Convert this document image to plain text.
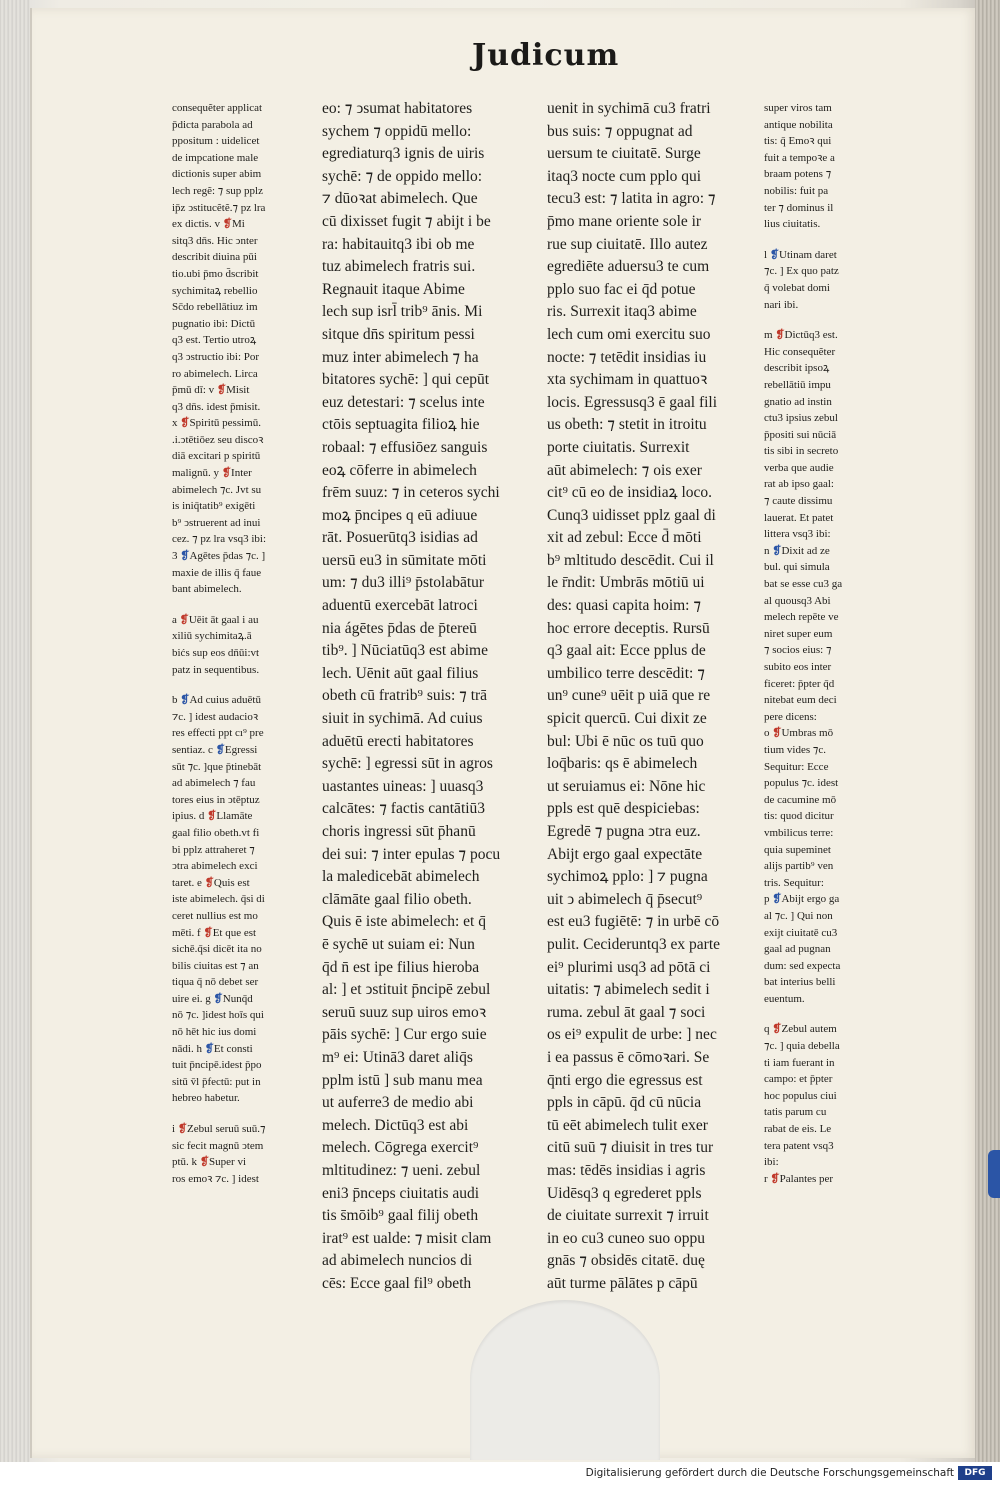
Judicum
consequẽter applicat
p̄dicta parabola ad
ppositum : uidelicet
de impcatione male
dictionis super abim
lech regẽ: ⁊ sup pplz
ip̄z ↄstitucẽtẽ.⁊ pz lra
ex dictis. v ❡Mi
sitq3 dn̄s. Hic ↄnter
describit diuina pūi
tio.ubi p̄mo d̄scribit
sychimitaꝝ rebellio
Sc̄do rebellātiuz im
pugnatio ibi: Dictū
q3 est. Tertio utroꝝ
q3 ↄstructio ibi: Por
ro abimelech. Lirca
p̄mū dī: v ❡Misit
q3 dn̄s. idest p̄misit.
x ❡Spiritū pessimū.
.i.ↄtētiōez seu discoꝛ
diā excitari p spiritū
malignū. y ❡Inter
abimelech ⁊c. Jvt su
is iniq̄tatib⁹ exigēti
b⁹ ↄstruerent ad inui
cez. ⁊ pz lra vsq3 ibi:
3 ❡Agētes p̄das ⁊c. ]
maxie de illis q̄ faue
bant abimelech.
a ❡Uēit āt gaal i au
xiliū sychimitaꝝ.ā
bićs sup eos dn̄ūi:vt
patz in sequentibus.
b ❡Ad cuius aduētū
⁊c. ] idest audacioꝛ
res effecti ppt cı⁹ pre
sentiaz. c ❡Egressi
sūt ⁊c. ]que p̄tinebāt
ad abimelech ⁊ fau
tores eius in ↄtēptuz
ipius. d ❡Llamāte
gaal filio obeth.vt fi
bi pplz attraheret ⁊
ↄtra abimelech exci
taret. e ❡Quis est
iste abimelech. q̄si di
ceret nullius est mo
mēti. f ❡Et que est
sichē.q̄si dicēt ita no
bilis ciuitas est ⁊ an
tiqua q̄ nō debet ser
uire ei. g ❡Nunq̄d
nō ⁊c. ]idest hoīs qui
nō hēt hic ius domi
nādi. h ❡Et consti
tuit p̄ncipē.idest p̄po
sitū v̄l p̄fectū: put in
hebreo habetur.
i ❡Zebul seruū suū.⁊
sic fecit magnū ↄtem
ptū. k ❡Super vi
ros emoꝛ ⁊c. ] idest
eo: ⁊ ↄsumat habitatores
sychem ⁊ oppidū mello:
egrediaturq3 ignis de uiris
sychē: ⁊ de oppido mello:
⁊ dūoꝛat abimelech. Que
cū dixisset fugit ⁊ abijt i be
ra: habitauitq3 ibi ob me
tuz abimelech fratris sui.
Regnauit itaque Abime
lech sup isrl̄ trib⁹ ānis. Mi
sitque dn̄s spiritum pessi
muz inter abimelech ⁊ ha
bitatores sychē: ] qui cepūt
euz detestari: ⁊ scelus inte
ctōis septuagita filioꝝ hie
robaal: ⁊ effusiōez sanguis
eoꝝ cōferre in abimelech
frēm suuz: ⁊ in ceteros sychi
moꝝ p̄ncipes q eū adiuue
rāt. Posuerūtq3 isidias ad
uersū eu3 in sūmitate mōti
um: ⁊ du3 illi⁹ p̄stolabātur
aduentū exercebāt latroci
nia ágētes p̄das de p̄tereū
tib⁹. ] Nūciatūq3 est abime
lech. Uēnit aūt gaal filius
obeth cū fratrib⁹ suis: ⁊ trā
siuit in sychimā. Ad cuius
aduētū erecti habitatores
sychē: ] egressi sūt in agros
uastantes uineas: ] uuasq3
calcātes: ⁊ factis cantātiū3
choris ingressi sūt p̄hanū
dei sui: ⁊ inter epulas ⁊ pocu
la maledicebāt abimelech
clāmāte gaal filio obeth.
Quis ē iste abimelech: et q̄
ē sychē ut suiam ei: Nun
q̄d n̄ est ipe filius hieroba
al: ] et ↄstituit p̄ncipē zebul
seruū suuz sup uiros emoꝛ
pāis sychē: ] Cur ergo suie
m⁹ ei: Utinā3 daret aliq̄s
pplm istū ] sub manu mea
ut auferre3 de medio abi
melech. Dictūq3 est abi
melech. Cōgrega exercit⁹
mltitudinez: ⁊ ueni. zebul
eni3 p̄nceps ciuitatis audi
tis s̄mōib⁹ gaal filij obeth
irat⁹ est ualde: ⁊ misit clam
ad abimelech nuncios di
cēs: Ecce gaal fil⁹ obeth
uenit in sychimā cu3 fratri
bus suis: ⁊ oppugnat ad
uersum te ciuitatē. Surge
itaq3 nocte cum pplo qui
tecu3 est: ⁊ latita in agro: ⁊
p̄mo mane oriente sole ir
rue sup ciuitatē. Illo autez
egrediēte aduersu3 te cum
pplo suo fac ei q̄d potue
ris. Surrexit itaq3 abime
lech cum omi exercitu suo
nocte: ⁊ tetēdit insidias iu
xta sychimam in quattuoꝛ
locis. Egressusq3 ē gaal fili
us obeth: ⁊ stetit in itroitu
porte ciuitatis. Surrexit
aūt abimelech: ⁊ ois exer
cit⁹ cū eo de insidiaꝝ loco.
Cunq3 uidisset pplz gaal di
xit ad zebul: Ecce d̄ mōti
b⁹ mltitudo descēdit. Cui il
le r̄ndit: Umbrās mōtiū ui
des: quasi capita hoim: ⁊
hoc errore deceptis. Rursū
q3 gaal ait: Ecce pplus de
umbilico terre descēdit: ⁊
un⁹ cune⁹ uēit p uiā que re
spicit quercū. Cui dixit ze
bul: Ubi ē nūc os tuū quo
loq̄baris: qs ē abimelech
ut seruiamus ei: Nōne hic
ppls est quē despiciebas:
Egredē ⁊ pugna ↄtra euz.
Abijt ergo gaal expectāte
sychimoꝝ pplo: ] ⁊ pugna
uit ↄ abimelech q̄ p̄secut⁹
est eu3 fugiētē: ⁊ in urbē cō
pulit. Cecideruntq3 ex parte
ei⁹ plurimi usq3 ad pōtā ci
uitatis: ⁊ abimelech sedit i
ruma. zebul āt gaal ⁊ soci
os ei⁹ expulit de urbe: ] nec
i ea passus ē cōmoꝛari. Se
q̄nti ergo die egressus est
ppls in cāpū. q̄d cū nūcia
tū eēt abimelech tulit exer
citū suū ⁊ diuisit in tres tur
mas: tēdēs insidias i agris
Uidēsq3 q egrederet ppls
de ciuitate surrexit ⁊ irruit
in eo cu3 cuneo suo oppu
gnās ⁊ obsidēs citatē. duę
aūt turme pālātes p cāpū
super viros tam
antique nobilita
tis: q̄ Emoꝛ qui
fuit a tempoꝛe a
braam potens ⁊
nobilis: fuit pa
ter ⁊ dominus il
lius ciuitatis.
l ❡Utinam daret
⁊c. ] Ex quo patz
q̄ volebat domi
nari ibi.
m ❡Dictūq3 est.
Hic consequẽter
describit ipsoꝝ
rebellātiū impu
gnatio ad instin
ctu3 ipsius zebul
p̄positi sui nūciā
tis sibi in secreto
verba que audie
rat ab ipso gaal:
⁊ caute dissimu
lauerat. Et patet
littera vsq3 ibi:
n ❡Dixit ad ze
bul. qui simula
bat se esse cu3 ga
al quousq3 Abi
melech repēte ve
niret super eum
⁊ socios eius: ⁊
subito eos inter
ficeret: p̄pter q̄d
nitebat eum deci
pere dicens:
o ❡Umbras mō
tium vides ⁊c.
Sequitur: Ecce
populus ⁊c. idest
de cacumine mō
tis: quod dicitur
vmbilicus terre:
quia supeminet
alijs partib⁹ ven
tris. Sequitur:
p ❡Abijt ergo ga
al ⁊c. ] Qui non
exijt ciuitatē cu3
gaal ad pugnan
dum: sed expecta
bat interius belli
euentum.
q ❡Zebul autem
⁊c. ] quia debella
ti iam fuerant in
campo: et p̄pter
hoc populus ciui
tatis parum cu
rabat de eis. Le
tera patent vsq3
ibi:
r ❡Palantes per
Digitalisierung gefördert durch die Deutsche Forschungsgemeinschaft	DFG
